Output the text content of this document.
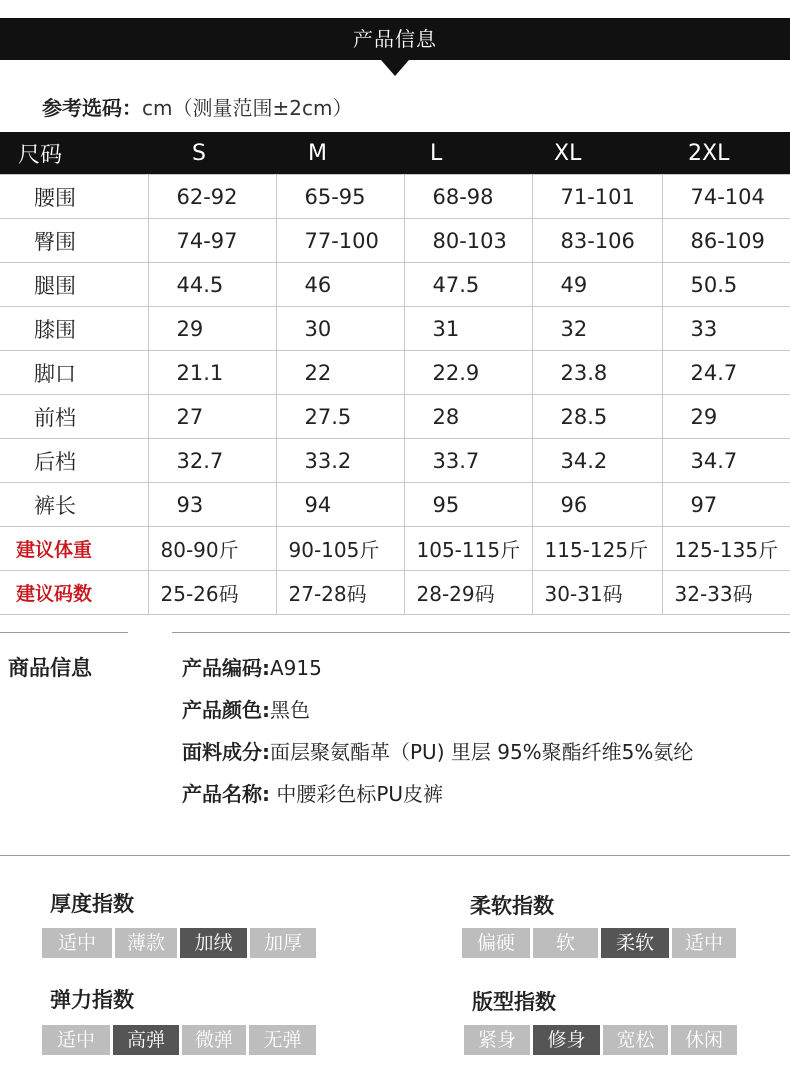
产品信息
参考选码：cm（测量范围±2cm）
尺码	S	M	L	XL	2XL
腰围	62-92	65-95	68-98	71-101	74-104
臀围	74-97	77-100	80-103	83-106	86-109
腿围	44.5	46	47.5	49	50.5
膝围	29	30	31	32	33
脚口	21.1	22	22.9	23.8	24.7
前档	27	27.5	28	28.5	29
后档	32.7	33.2	33.7	34.2	34.7
裤长	93	94	95	96	97
建议体重	80-90斤	90-105斤	105-115斤	115-125斤	125-135斤
建议码数	25-26码	27-28码	28-29码	30-31码	32-33码
商品信息	产品编码:A915
产品颜色:黑色
面料成分:面层聚氨酯革（PU) 里层 95%聚酯纤维5%氨纶
产品名称: 中腰彩色标PU皮裤
厚度指数
适中	薄款	加绒	加厚
柔软指数
偏硬	软	柔软	适中
弹力指数
适中	高弹	微弹	无弹
版型指数
紧身	修身	宽松	休闲
